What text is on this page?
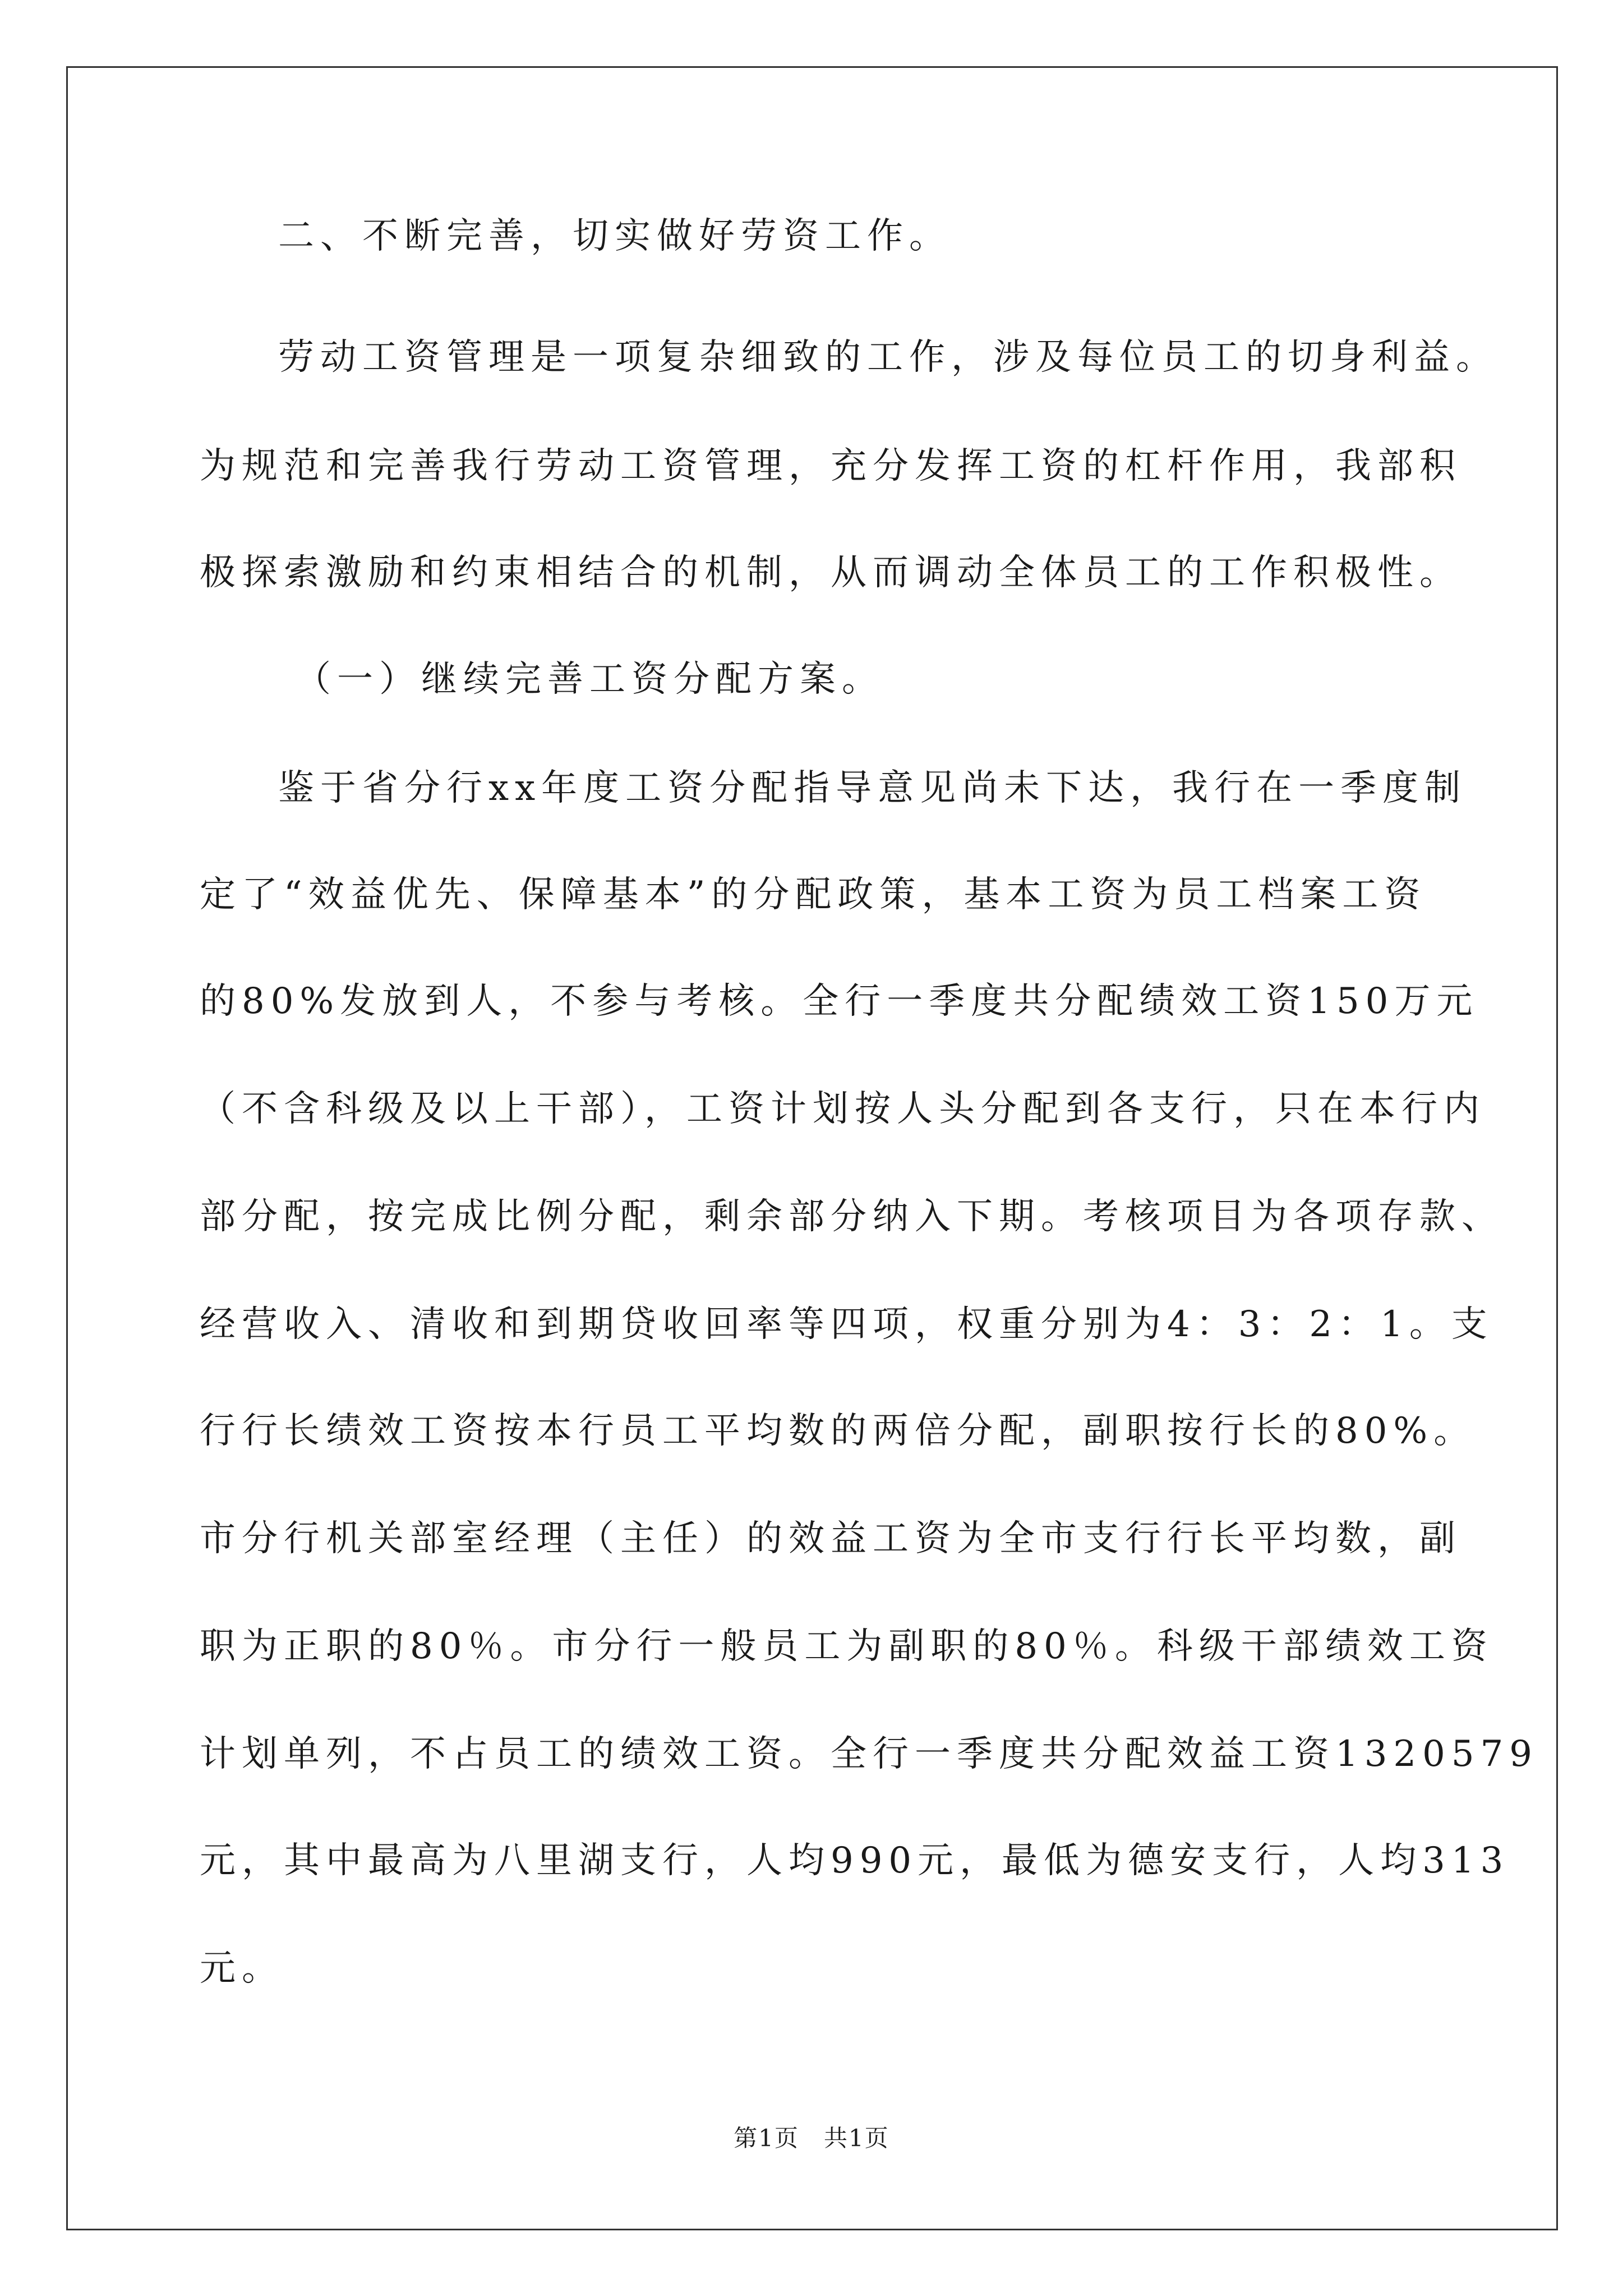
二、不断完善，切实做好劳资工作。
劳动工资管理是一项复杂细致的工作，涉及每位员工的切身利益。
为规范和完善我行劳动工资管理，充分发挥工资的杠杆作用，我部积
极探索激励和约束相结合的机制，从而调动全体员工的工作积极性。
（一）继续完善工资分配方案。
鉴于省分行xx年度工资分配指导意见尚未下达，我行在一季度制
定了“效益优先、保障基本”的分配政策，基本工资为员工档案工资
的80%发放到人，不参与考核。全行一季度共分配绩效工资150万元
（不含科级及以上干部），工资计划按人头分配到各支行，只在本行内
部分配，按完成比例分配，剩余部分纳入下期。考核项目为各项存款、
经营收入、清收和到期贷收回率等四项，权重分别为4：3：2：1。支
行行长绩效工资按本行员工平均数的两倍分配，副职按行长的80%。
市分行机关部室经理（主任）的效益工资为全市支行行长平均数，副
职为正职的80％。市分行一般员工为副职的80％。科级干部绩效工资
计划单列，不占员工的绩效工资。全行一季度共分配效益工资1320579
元，其中最高为八里湖支行，人均990元，最低为德安支行，人均313
元。
第1页　共1页
